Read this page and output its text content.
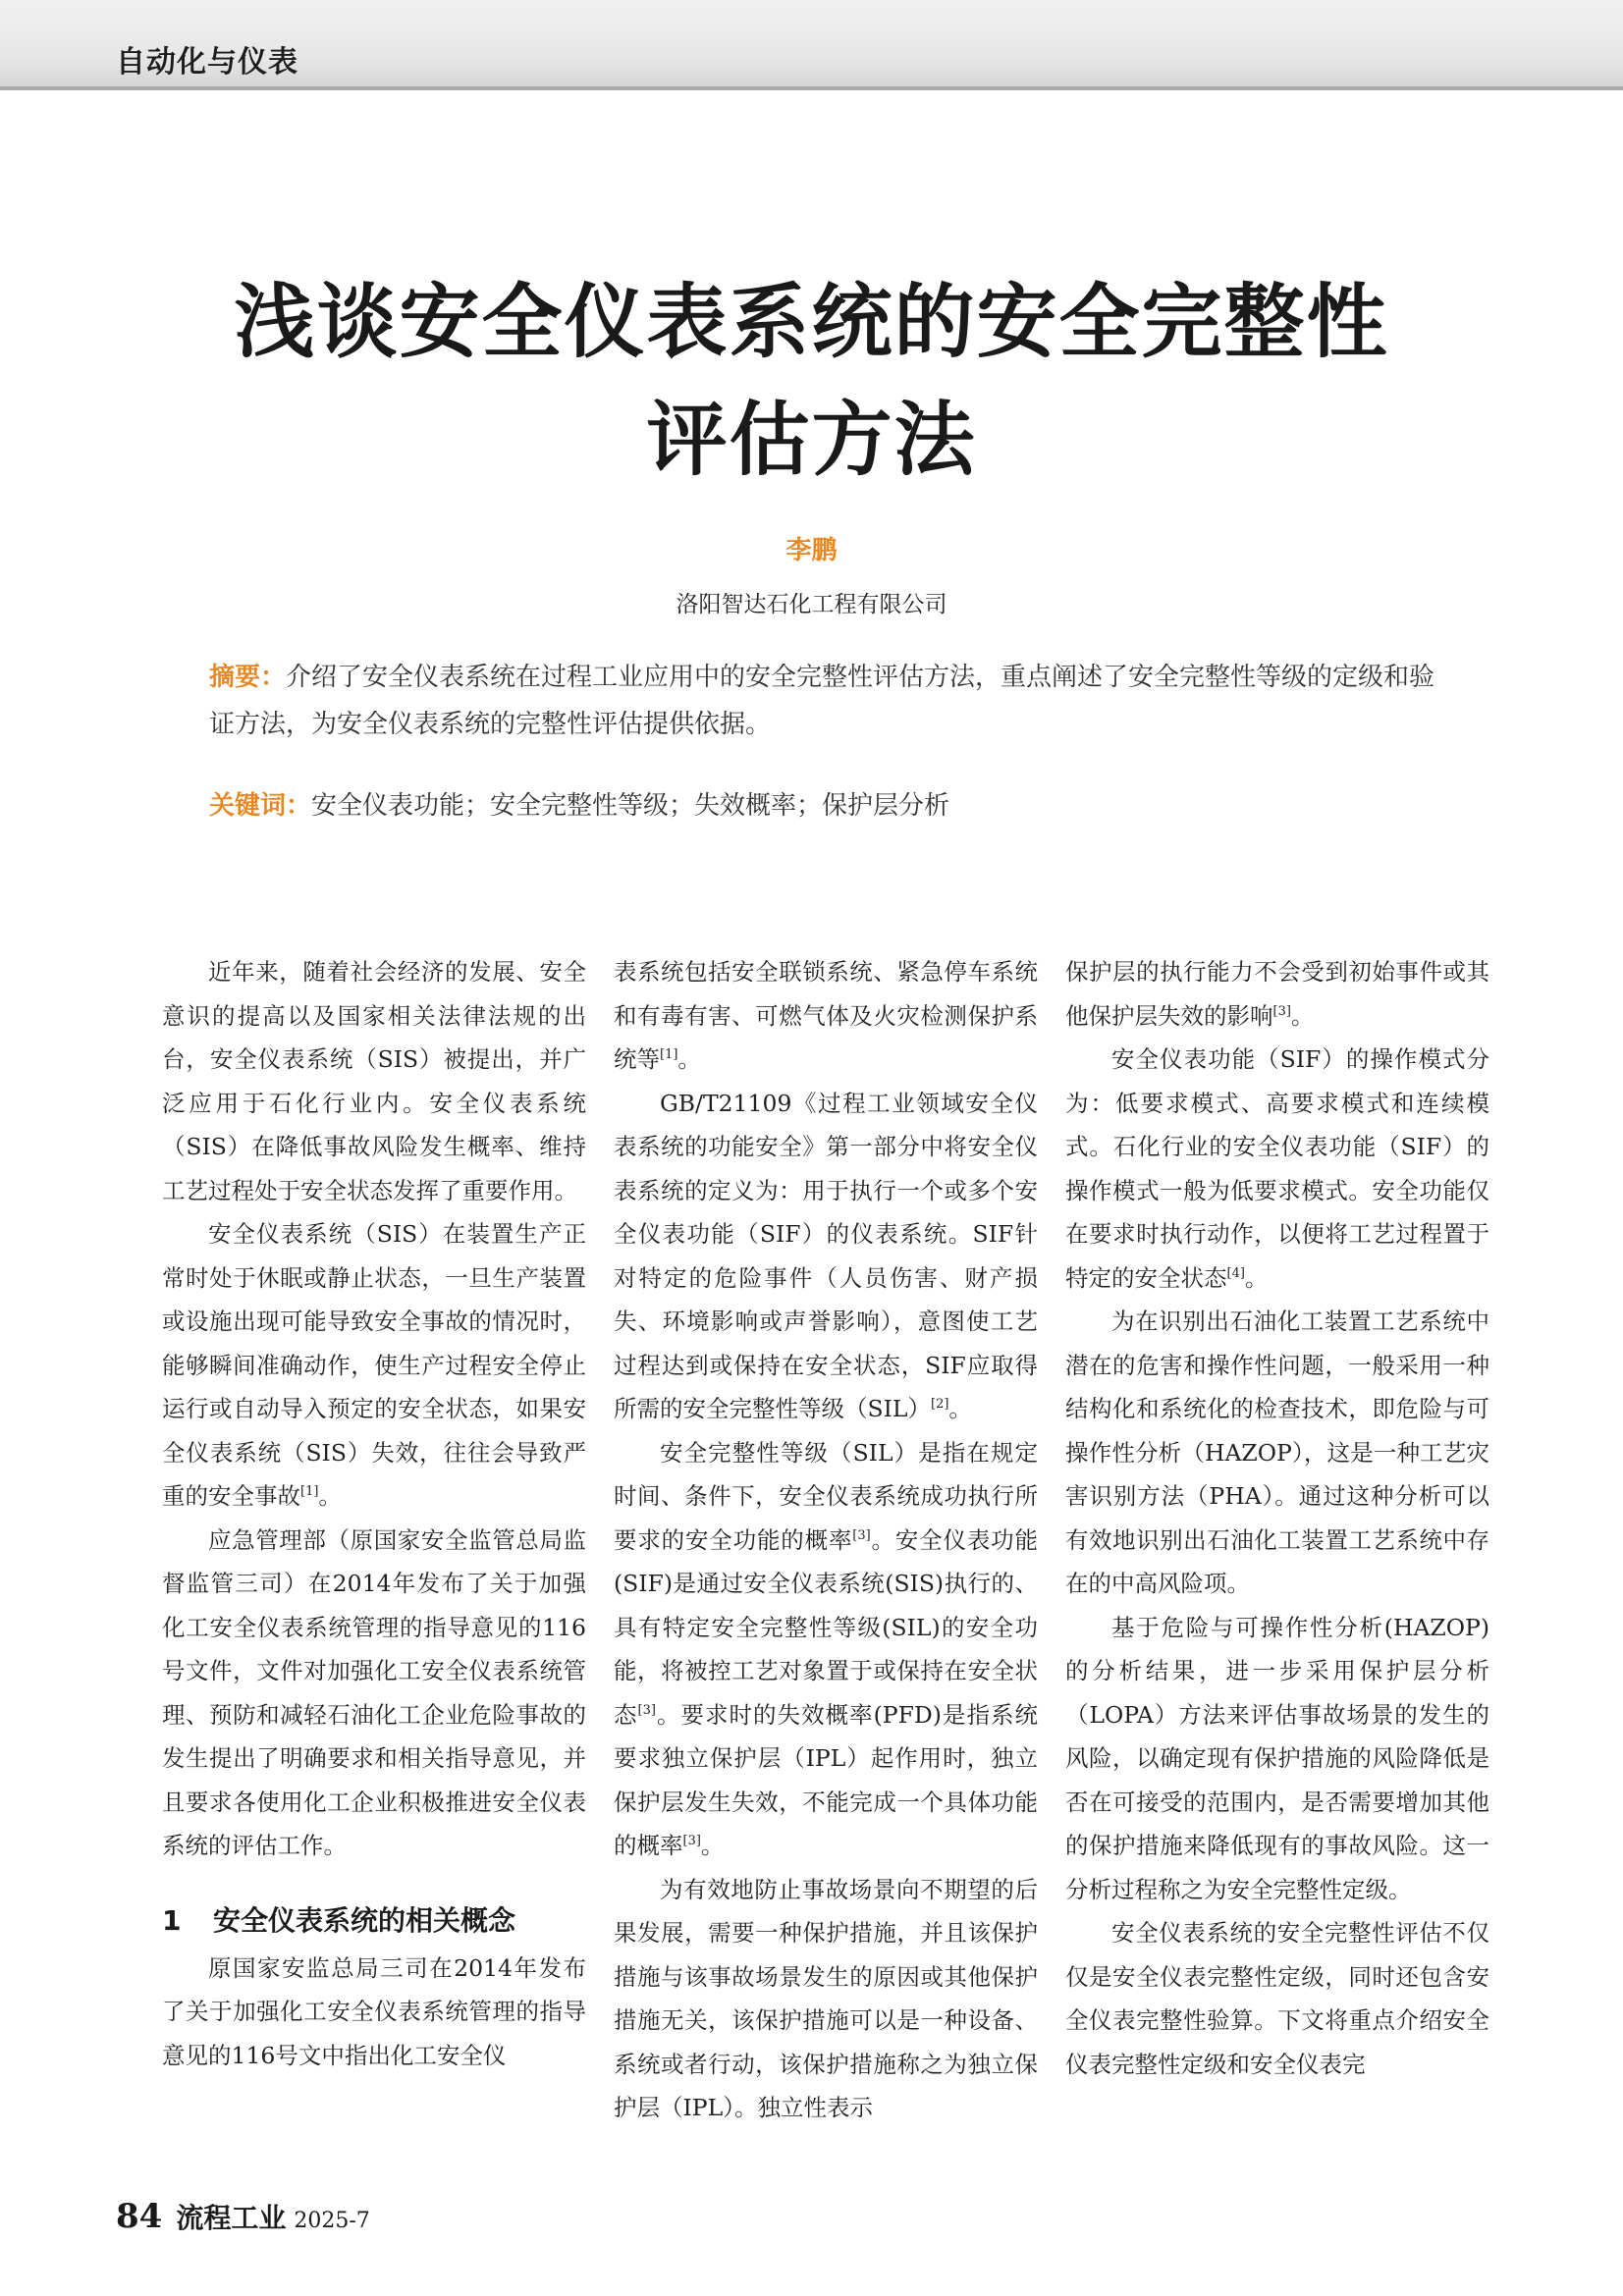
自动化与仪表
浅谈安全仪表系统的安全完整性
评估方法
李鹏
洛阳智达石化工程有限公司
摘要：介绍了安全仪表系统在过程工业应用中的安全完整性评估方法，重点阐述了安全完整性等级的定级和验证方法，为安全仪表系统的完整性评估提供依据。
关键词：安全仪表功能；安全完整性等级；失效概率；保护层分析

近年来，随着社会经济的发展、安全意识的提高以及国家相关法律法规的出台，安全仪表系统（SIS）被提出，并广泛应用于石化行业内。安全仪表系统（SIS）在降低事故风险发生概率、维持工艺过程处于安全状态发挥了重要作用。

安全仪表系统（SIS）在装置生产正常时处于休眠或静止状态，一旦生产装置或设施出现可能导致安全事故的情况时，能够瞬间准确动作，使生产过程安全停止运行或自动导入预定的安全状态，如果安全仪表系统（SIS）失效，往往会导致严重的安全事故[1]。

应急管理部（原国家安全监管总局监督监管三司）在2014年发布了关于加强化工安全仪表系统管理的指导意见的116号文件，文件对加强化工安全仪表系统管理、预防和减轻石油化工企业危险事故的发生提出了明确要求和相关指导意见，并且要求各使用化工企业积极推进安全仪表系统的评估工作。

1 安全仪表系统的相关概念

原国家安监总局三司在2014年发布了关于加强化工安全仪表系统管理的指导意见的116号文中指出化工安全仪

表系统包括安全联锁系统、紧急停车系统和有毒有害、可燃气体及火灾检测保护系统等[1]。

GB/T21109《过程工业领域安全仪表系统的功能安全》第一部分中将安全仪表系统的定义为：用于执行一个或多个安全仪表功能（SIF）的仪表系统。SIF针对特定的危险事件（人员伤害、财产损失、环境影响或声誉影响），意图使工艺过程达到或保持在安全状态，SIF应取得所需的安全完整性等级（SIL）[2]。

安全完整性等级（SIL）是指在规定时间、条件下，安全仪表系统成功执行所要求的安全功能的概率[3]。安全仪表功能(SIF)是通过安全仪表系统(SIS)执行的、具有特定安全完整性等级(SIL)的安全功能，将被控工艺对象置于或保持在安全状态[3]。要求时的失效概率(PFD)是指系统要求独立保护层（IPL）起作用时，独立保护层发生失效，不能完成一个具体功能的概率[3]。

为有效地防止事故场景向不期望的后果发展，需要一种保护措施，并且该保护措施与该事故场景发生的原因或其他保护措施无关，该保护措施可以是一种设备、系统或者行动，该保护措施称之为独立保护层（IPL）。独立性表示

保护层的执行能力不会受到初始事件或其他保护层失效的影响[3]。

安全仪表功能（SIF）的操作模式分为：低要求模式、高要求模式和连续模式。石化行业的安全仪表功能（SIF）的操作模式一般为低要求模式。安全功能仅在要求时执行动作，以便将工艺过程置于特定的安全状态[4]。

为在识别出石油化工装置工艺系统中潜在的危害和操作性问题，一般采用一种结构化和系统化的检查技术，即危险与可操作性分析（HAZOP），这是一种工艺灾害识别方法（PHA）。通过这种分析可以有效地识别出石油化工装置工艺系统中存在的中高风险项。

基于危险与可操作性分析(HAZOP)的分析结果，进一步采用保护层分析（LOPA）方法来评估事故场景的发生的风险，以确定现有保护措施的风险降低是否在可接受的范围内，是否需要增加其他的保护措施来降低现有的事故风险。这一分析过程称之为安全完整性定级。

安全仪表系统的安全完整性评估不仅仅是安全仪表完整性定级，同时还包含安全仪表完整性验算。下文将重点介绍安全仪表完整性定级和安全仪表完

84 流程工业 2025-7
